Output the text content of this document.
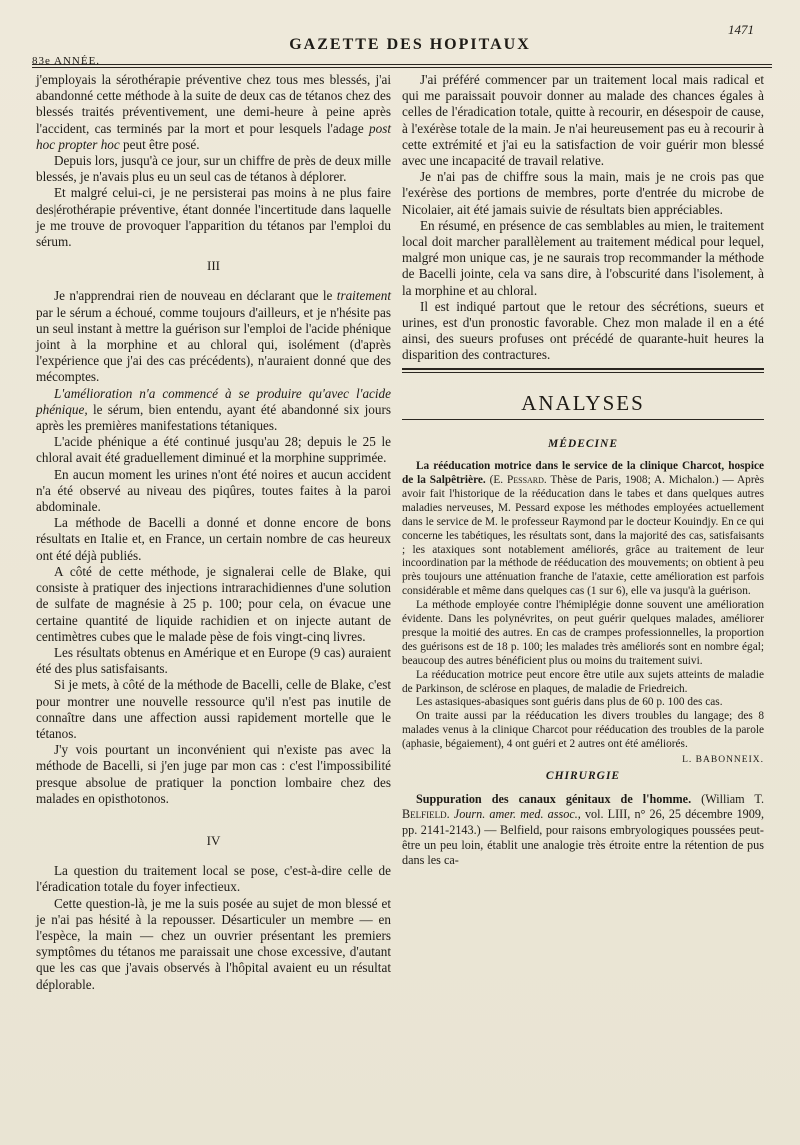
1471
GAZETTE DES HOPITAUX
83e ANNÉE.

j'employais la sérothérapie préventive chez tous mes blessés, j'ai abandonné cette méthode à la suite de deux cas de tétanos chez des blessés traités préventivement, une demi-heure à peine après l'accident, cas terminés par la mort et pour lesquels l'adage post hoc propter hoc peut être posé.

Depuis lors, jusqu'à ce jour, sur un chiffre de près de deux mille blessés, je n'avais plus eu un seul cas de tétanos à déplorer.

Et malgré celui-ci, je ne persisterai pas moins à ne plus faire des|érothérapie préventive, étant donnée l'incertitude dans laquelle je me trouve de provoquer l'apparition du tétanos par l'emploi du sérum.

III

Je n'apprendrai rien de nouveau en déclarant que le traitement par le sérum a échoué, comme toujours d'ailleurs, et je n'hésite pas un seul instant à mettre la guérison sur l'emploi de l'acide phénique joint à la morphine et au chloral qui, isolément (d'après l'expérience que j'ai des cas précédents), n'auraient donné que des mécomptes.

L'amélioration n'a commencé à se produire qu'avec l'acide phénique, le sérum, bien entendu, ayant été abandonné six jours après les premières manifestations tétaniques.

L'acide phénique a été continué jusqu'au 28; depuis le 25 le chloral avait été graduellement diminué et la morphine supprimée.

En aucun moment les urines n'ont été noires et aucun accident n'a été observé au niveau des piqûres, toutes faites à la paroi abdominale.

La méthode de Bacelli a donné et donne encore de bons résultats en Italie et, en France, un certain nombre de cas heureux ont été déjà publiés.

A côté de cette méthode, je signalerai celle de Blake, qui consiste à pratiquer des injections intrarachidiennes d'une solution de sulfate de magnésie à 25 p. 100; pour cela, on évacue une certaine quantité de liquide rachidien et on injecte autant de centimètres cubes que le malade pèse de fois vingt-cinq livres.

Les résultats obtenus en Amérique et en Europe (9 cas) auraient été des plus satisfaisants.

Si je mets, à côté de la méthode de Bacelli, celle de Blake, c'est pour montrer une nouvelle ressource qu'il n'est pas inutile de connaître dans une affection aussi rapidement mortelle que le tétanos.

J'y vois pourtant un inconvénient qui n'existe pas avec la méthode de Bacelli, si j'en juge par mon cas : c'est l'impossibilité presque absolue de pratiquer la ponction lombaire chez des malades en opisthotonos.

IV

La question du traitement local se pose, c'est-à-dire celle de l'éradication totale du foyer infectieux.

Cette question-là, je me la suis posée au sujet de mon blessé et je n'ai pas hésité à la repousser. Désarticuler un membre — en l'espèce, la main — chez un ouvrier présentant les premiers symptômes du tétanos me paraissait une chose excessive, d'autant que les cas que j'avais observés à l'hôpital avaient eu un résultat déplorable.

J'ai préféré commencer par un traitement local mais radical et qui me paraissait pouvoir donner au malade des chances égales à celles de l'éradication totale, quitte à recourir, en désespoir de cause, à l'exérèse totale de la main. Je n'ai heureusement pas eu à recourir à cette extrémité et j'ai eu la satisfaction de voir guérir mon blessé avec une incapacité de travail relative.

Je n'ai pas de chiffre sous la main, mais je ne crois pas que l'exérèse des portions de membres, porte d'entrée du microbe de Nicolaier, ait été jamais suivie de résultats bien appréciables.

En résumé, en présence de cas semblables au mien, le traitement local doit marcher parallèlement au traitement médical pour lequel, malgré mon unique cas, je ne saurais trop recommander la méthode de Bacelli jointe, cela va sans dire, à l'obscurité dans l'isolement, à la morphine et au chloral.

Il est indiqué partout que le retour des sécrétions, sueurs et urines, est d'un pronostic favorable. Chez mon malade il en a été ainsi, des sueurs profuses ont précédé de quarante-huit heures la disparition des contractures.

ANALYSES
MÉDECINE

La rééducation motrice dans le service de la clinique Charcot, hospice de la Salpêtrière. (E. Pessard. Thèse de Paris, 1908; A. Michalon.) — Après avoir fait l'historique de la rééducation dans le tabes et dans quelques autres maladies nerveuses, M. Pessard expose les méthodes employées actuellement dans le service de M. le professeur Raymond par le docteur Kouindjy. En ce qui concerne les tabétiques, les résultats sont, dans la majorité des cas, satisfaisants ; les ataxiques sont notablement améliorés, grâce au traitement de leur incoordination par la méthode de rééducation des mouvements; on obtient à peu près toujours une atténuation franche de l'ataxie, cette amélioration est parfois considérable et même dans quelques cas (1 sur 6), elle va jusqu'à la guérison.

La méthode employée contre l'hémiplégie donne souvent une amélioration évidente. Dans les polynévrites, on peut guérir quelques malades, améliorer presque la moitié des autres. En cas de crampes professionnelles, la proportion des guérisons est de 18 p. 100; les malades très améliorés sont en nombre égal; beaucoup des autres bénéficient plus ou moins du traitement suivi.

La rééducation motrice peut encore être utile aux sujets atteints de maladie de Parkinson, de sclérose en plaques, de maladie de Friedreich.

Les astasiques-abasiques sont guéris dans plus de 60 p. 100 des cas.

On traite aussi par la rééducation les divers troubles du langage; des 8 malades venus à la clinique Charcot pour rééducation des troubles de la parole (aphasie, bégaiement), 4 ont guéri et 2 autres ont été améliorés.
L. BABONNEIX.

CHIRURGIE

Suppuration des canaux génitaux de l'homme. (William T. Belfield. Journ. amer. med. assoc., vol. LIII, n° 26, 25 décembre 1909, pp. 2141-2143.) — Belfield, pour raisons embryologiques poussées peut-être un peu loin, établit une analogie très étroite entre la rétention de pus dans les ca-
